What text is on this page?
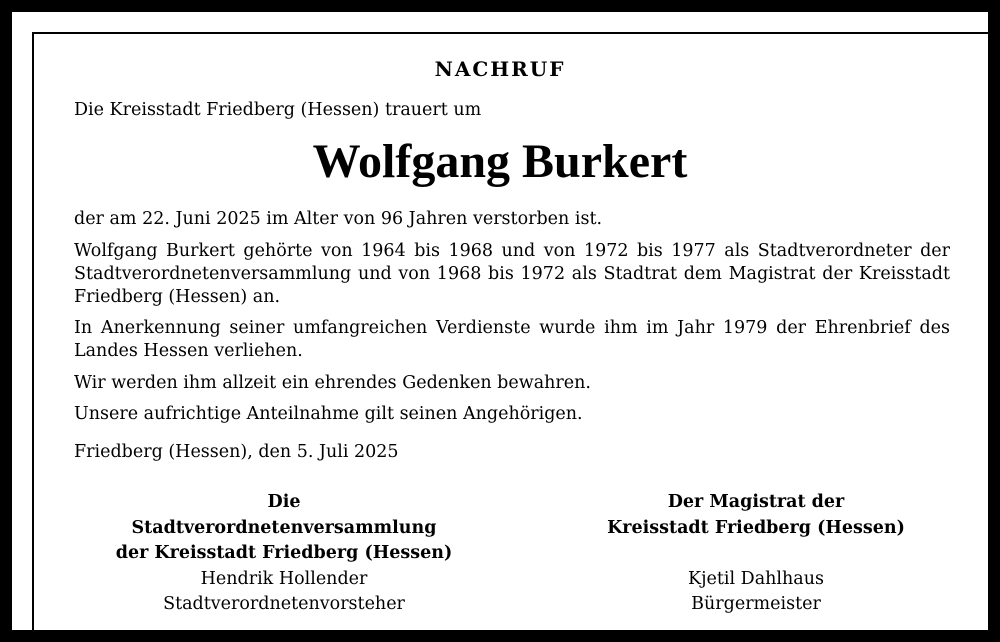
NACHRUF
Die Kreisstadt Friedberg (Hessen) trauert um
Wolfgang Burkert

der am 22. Juni 2025 im Alter von 96 Jahren verstorben ist.

Wolfgang Burkert gehörte von 1964 bis 1968 und von 1972 bis 1977 als Stadtverordneter der Stadtverordnetenversammlung und von 1968 bis 1972 als Stadtrat dem Magistrat der Kreisstadt Friedberg (Hessen) an.

In Anerkennung seiner umfangreichen Verdienste wurde ihm im Jahr 1979 der Ehrenbrief des Landes Hessen verliehen.

Wir werden ihm allzeit ein ehrendes Gedenken bewahren.

Unsere aufrichtige Anteilnahme gilt seinen Angehörigen.

Friedberg (Hessen), den 5. Juli 2025
Die
Stadtverordnetenversammlung
der Kreisstadt Friedberg (Hessen)
Hendrik Hollender
Stadtverordnetenvorsteher
Der Magistrat der
Kreisstadt Friedberg (Hessen)
Kjetil Dahlhaus
Bürgermeister
